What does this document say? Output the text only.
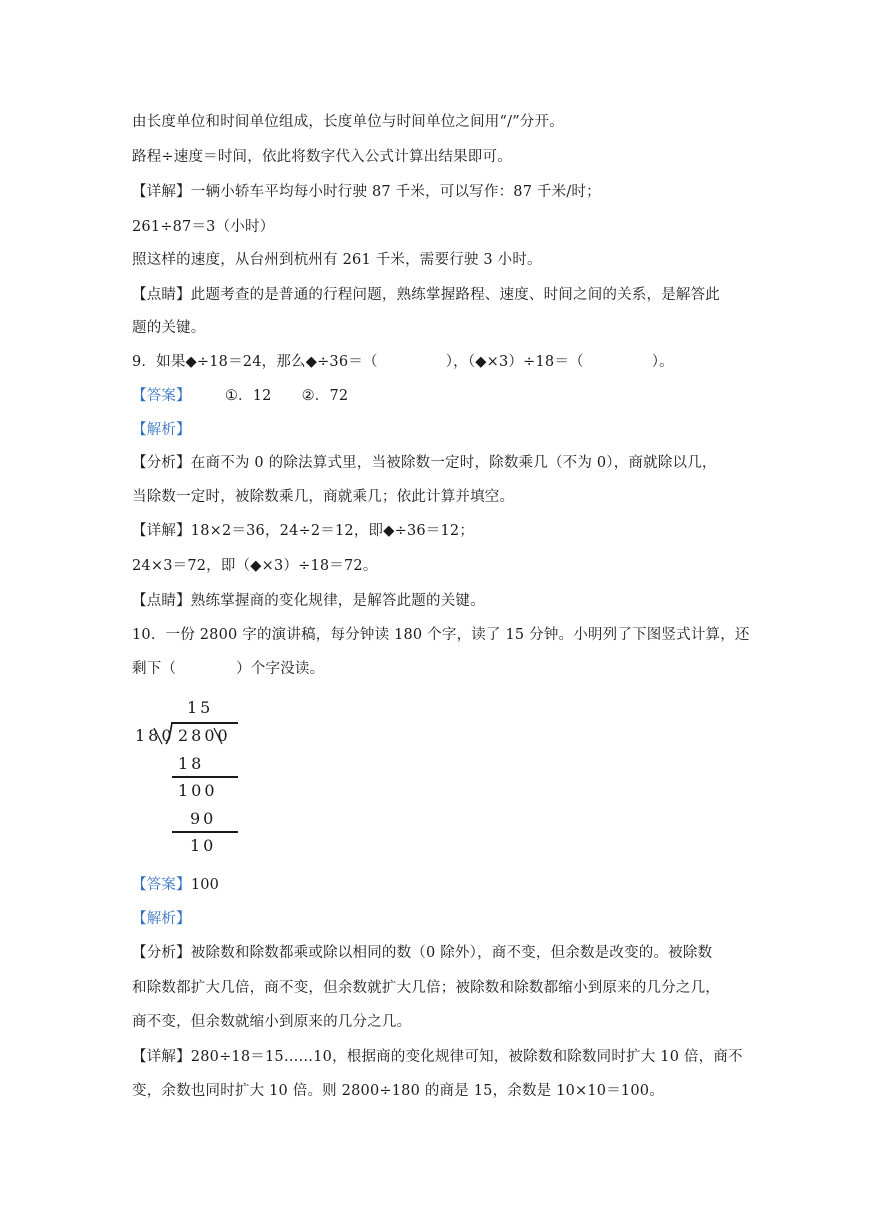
由长度单位和时间单位组成，长度单位与时间单位之间用“/”分开。
路程÷速度＝时间，依此将数字代入公式计算出结果即可。
【详解】一辆小轿车平均每小时行驶 87 千米，可以写作：87 千米/时；
261÷87＝3（小时）
照这样的速度，从台州到杭州有 261 千米，需要行驶 3 小时。
【点睛】此题考查的是普通的行程问题，熟练掌握路程、速度、时间之间的关系，是解答此
题的关键。
9．如果◆÷18＝24，那么◆÷36＝（	），（◆×3）÷18＝（	）。
【答案】 ①．12 ②．72
【解析】
【分析】在商不为 0 的除法算式里，当被除数一定时，除数乘几（不为 0），商就除以几，
当除数一定时，被除数乘几，商就乘几；依此计算并填空。
【详解】18×2＝36，24÷2＝12，即◆÷36＝12；
24×3＝72，即（◆×3）÷18＝72。
【点睛】熟练掌握商的变化规律，是解答此题的关键。
10．一份 2800 字的演讲稿，每分钟读 180 个字，读了 15 分钟。小明列了下图竖式计算，还
剩下（	）个字没读。
15
180 2800
18
100
90
10
【答案】100
【解析】
【分析】被除数和除数都乘或除以相同的数（0 除外），商不变，但余数是改变的。被除数
和除数都扩大几倍，商不变，但余数就扩大几倍；被除数和除数都缩小到原来的几分之几，
商不变，但余数就缩小到原来的几分之几。
【详解】280÷18＝15……10，根据商的变化规律可知，被除数和除数同时扩大 10 倍，商不
变，余数也同时扩大 10 倍。则 2800÷180 的商是 15，余数是 10×10＝100。
